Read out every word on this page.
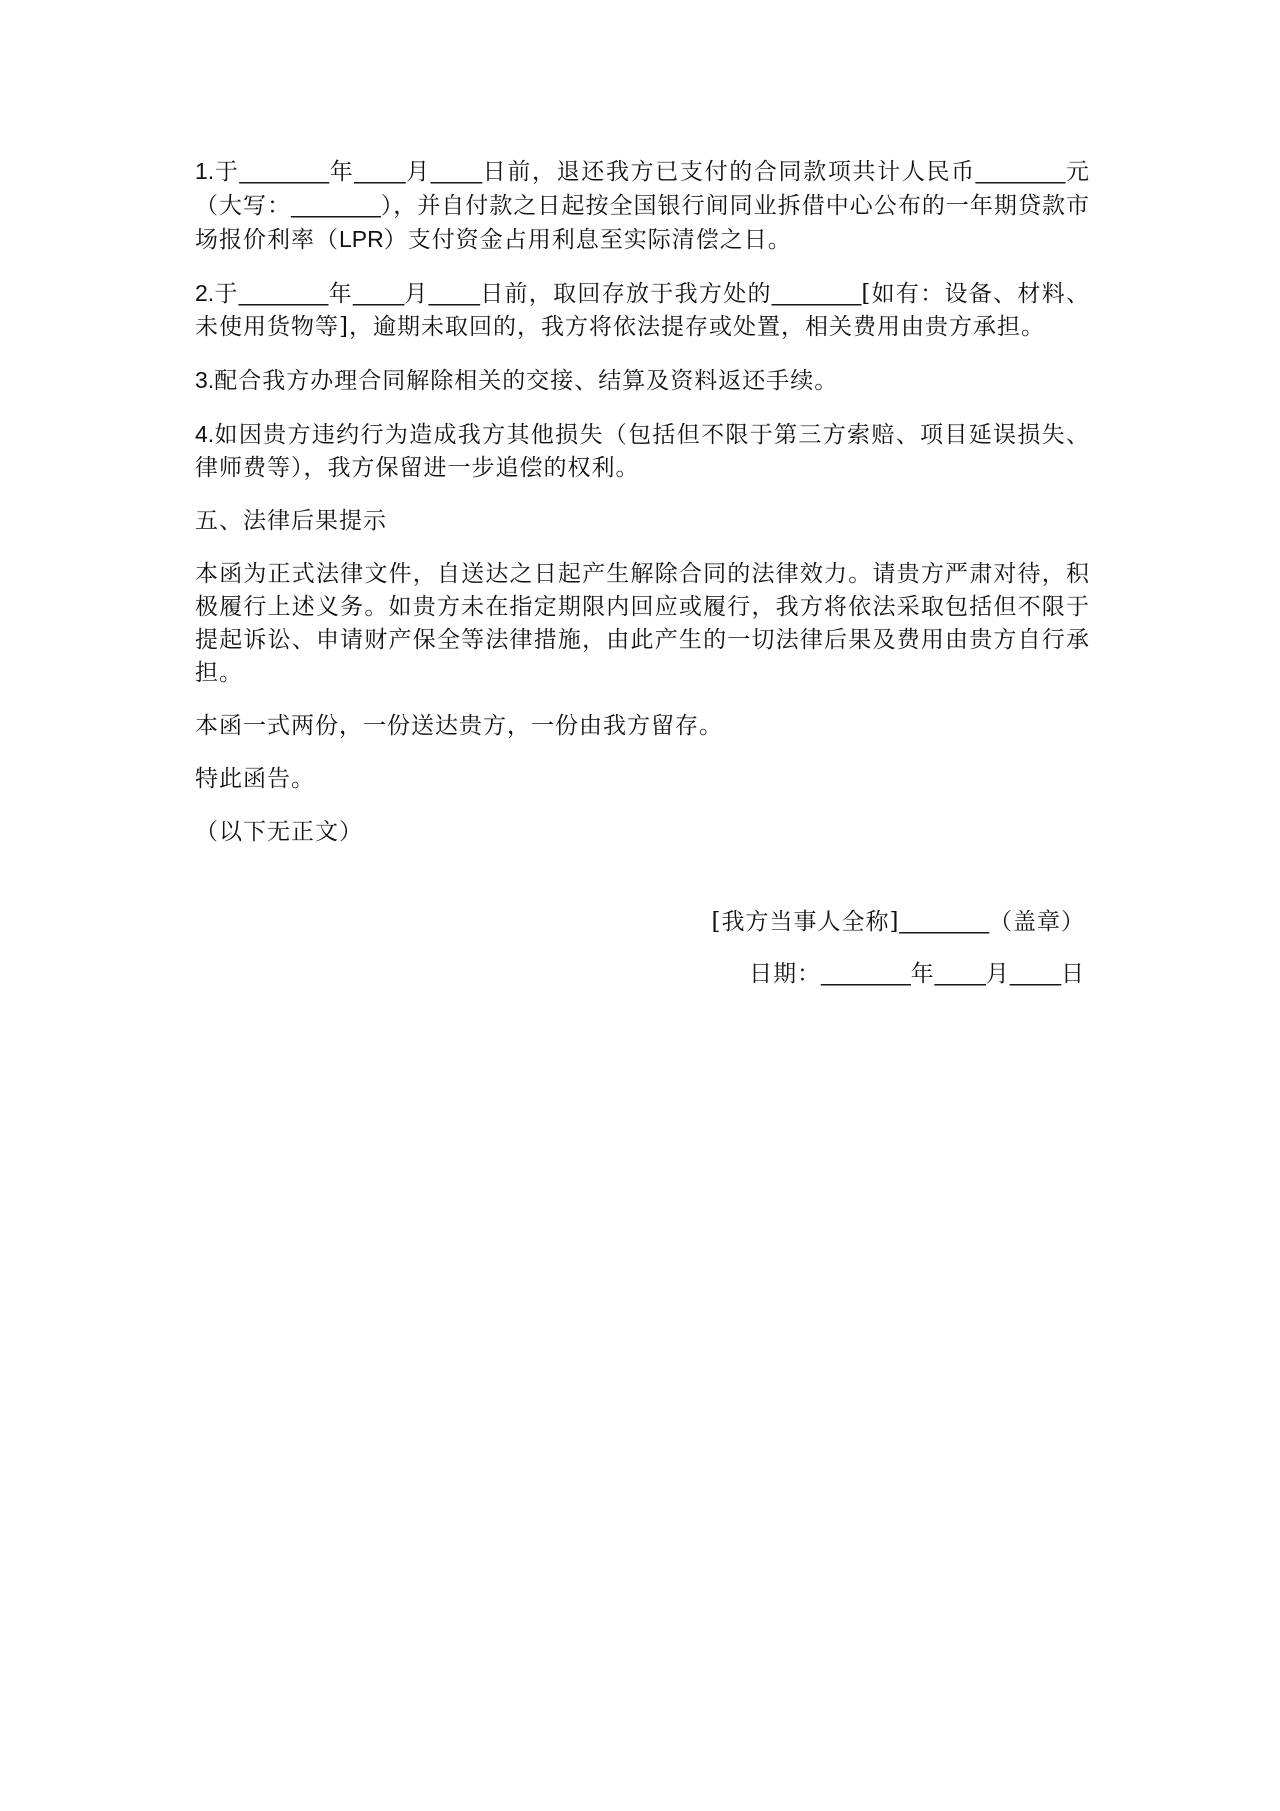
1.于_______年____月____日前，退还我方已支付的合同款项共计人民币_______元（大写：_______），并自付款之日起按全国银行间同业拆借中心公布的一年期贷款市场报价利率（LPR）支付资金占用利息至实际清偿之日。

2.于_______年____月____日前，取回存放于我方处的_______[如有：设备、材料、未使用货物等]，逾期未取回的，我方将依法提存或处置，相关费用由贵方承担。

3.配合我方办理合同解除相关的交接、结算及资料返还手续。

4.如因贵方违约行为造成我方其他损失（包括但不限于第三方索赔、项目延误损失、律师费等），我方保留进一步追偿的权利。

五、法律后果提示

本函为正式法律文件，自送达之日起产生解除合同的法律效力。请贵方严肃对待，积极履行上述义务。如贵方未在指定期限内回应或履行，我方将依法采取包括但不限于提起诉讼、申请财产保全等法律措施，由此产生的一切法律后果及费用由贵方自行承担。

本函一式两份，一份送达贵方，一份由我方留存。

特此函告。

（以下无正文）

[我方当事人全称]_______（盖章）
日期：_______年____月____日
